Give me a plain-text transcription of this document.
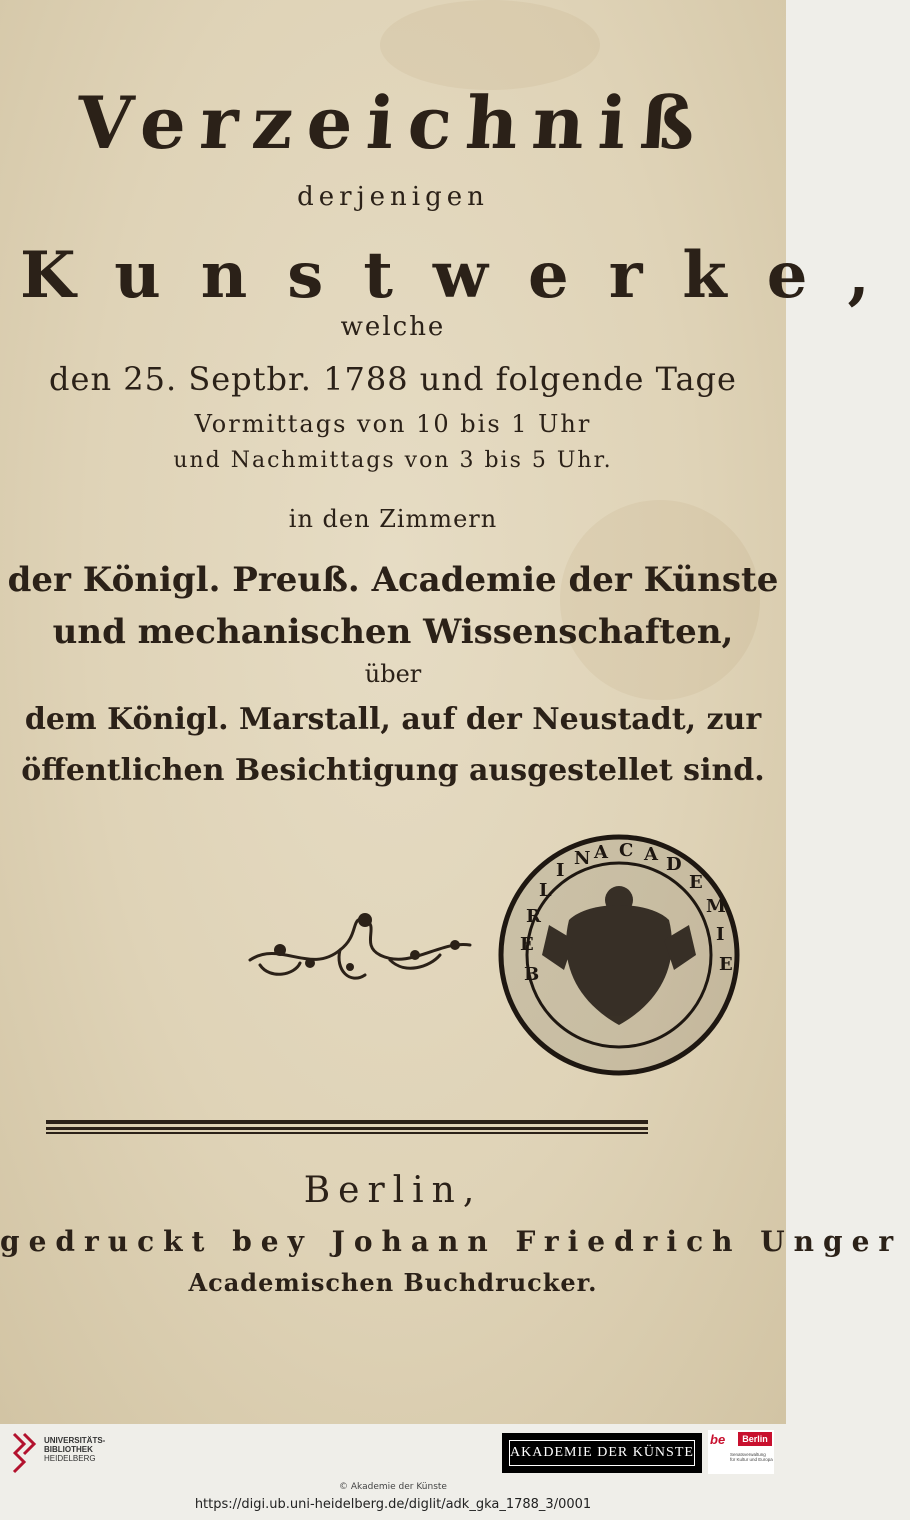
Verzeichniß
derjenigen
Kunstwerke,
welche
den 25. Septbr. 1788 und folgende Tage
Vormittags von 10 bis 1 Uhr
und Nachmittags von 3 bis 5 Uhr.
in den Zimmern
der Königl. Preuß. Academie der Künste
und mechanischen Wissenschaften,
über
dem Königl. Marstall, auf der Neustadt, zur
öffentlichen Besichtigung ausgestellet sind.
A C A D
E
M
I
E
B
E
R
L
I
N
Berlin,
gedruckt bey Johann Friedrich Unger
Academischen Buchdrucker.
UNIVERSITÄTS-
BIBLIOTHEK
HEIDELBERG	AKADEMIE DER KÜNSTE
be	Berlin
Senatsverwaltung
für Kultur und Europa
© Akademie der Künste
https://digi.ub.uni-heidelberg.de/diglit/adk_gka_1788_3/0001
